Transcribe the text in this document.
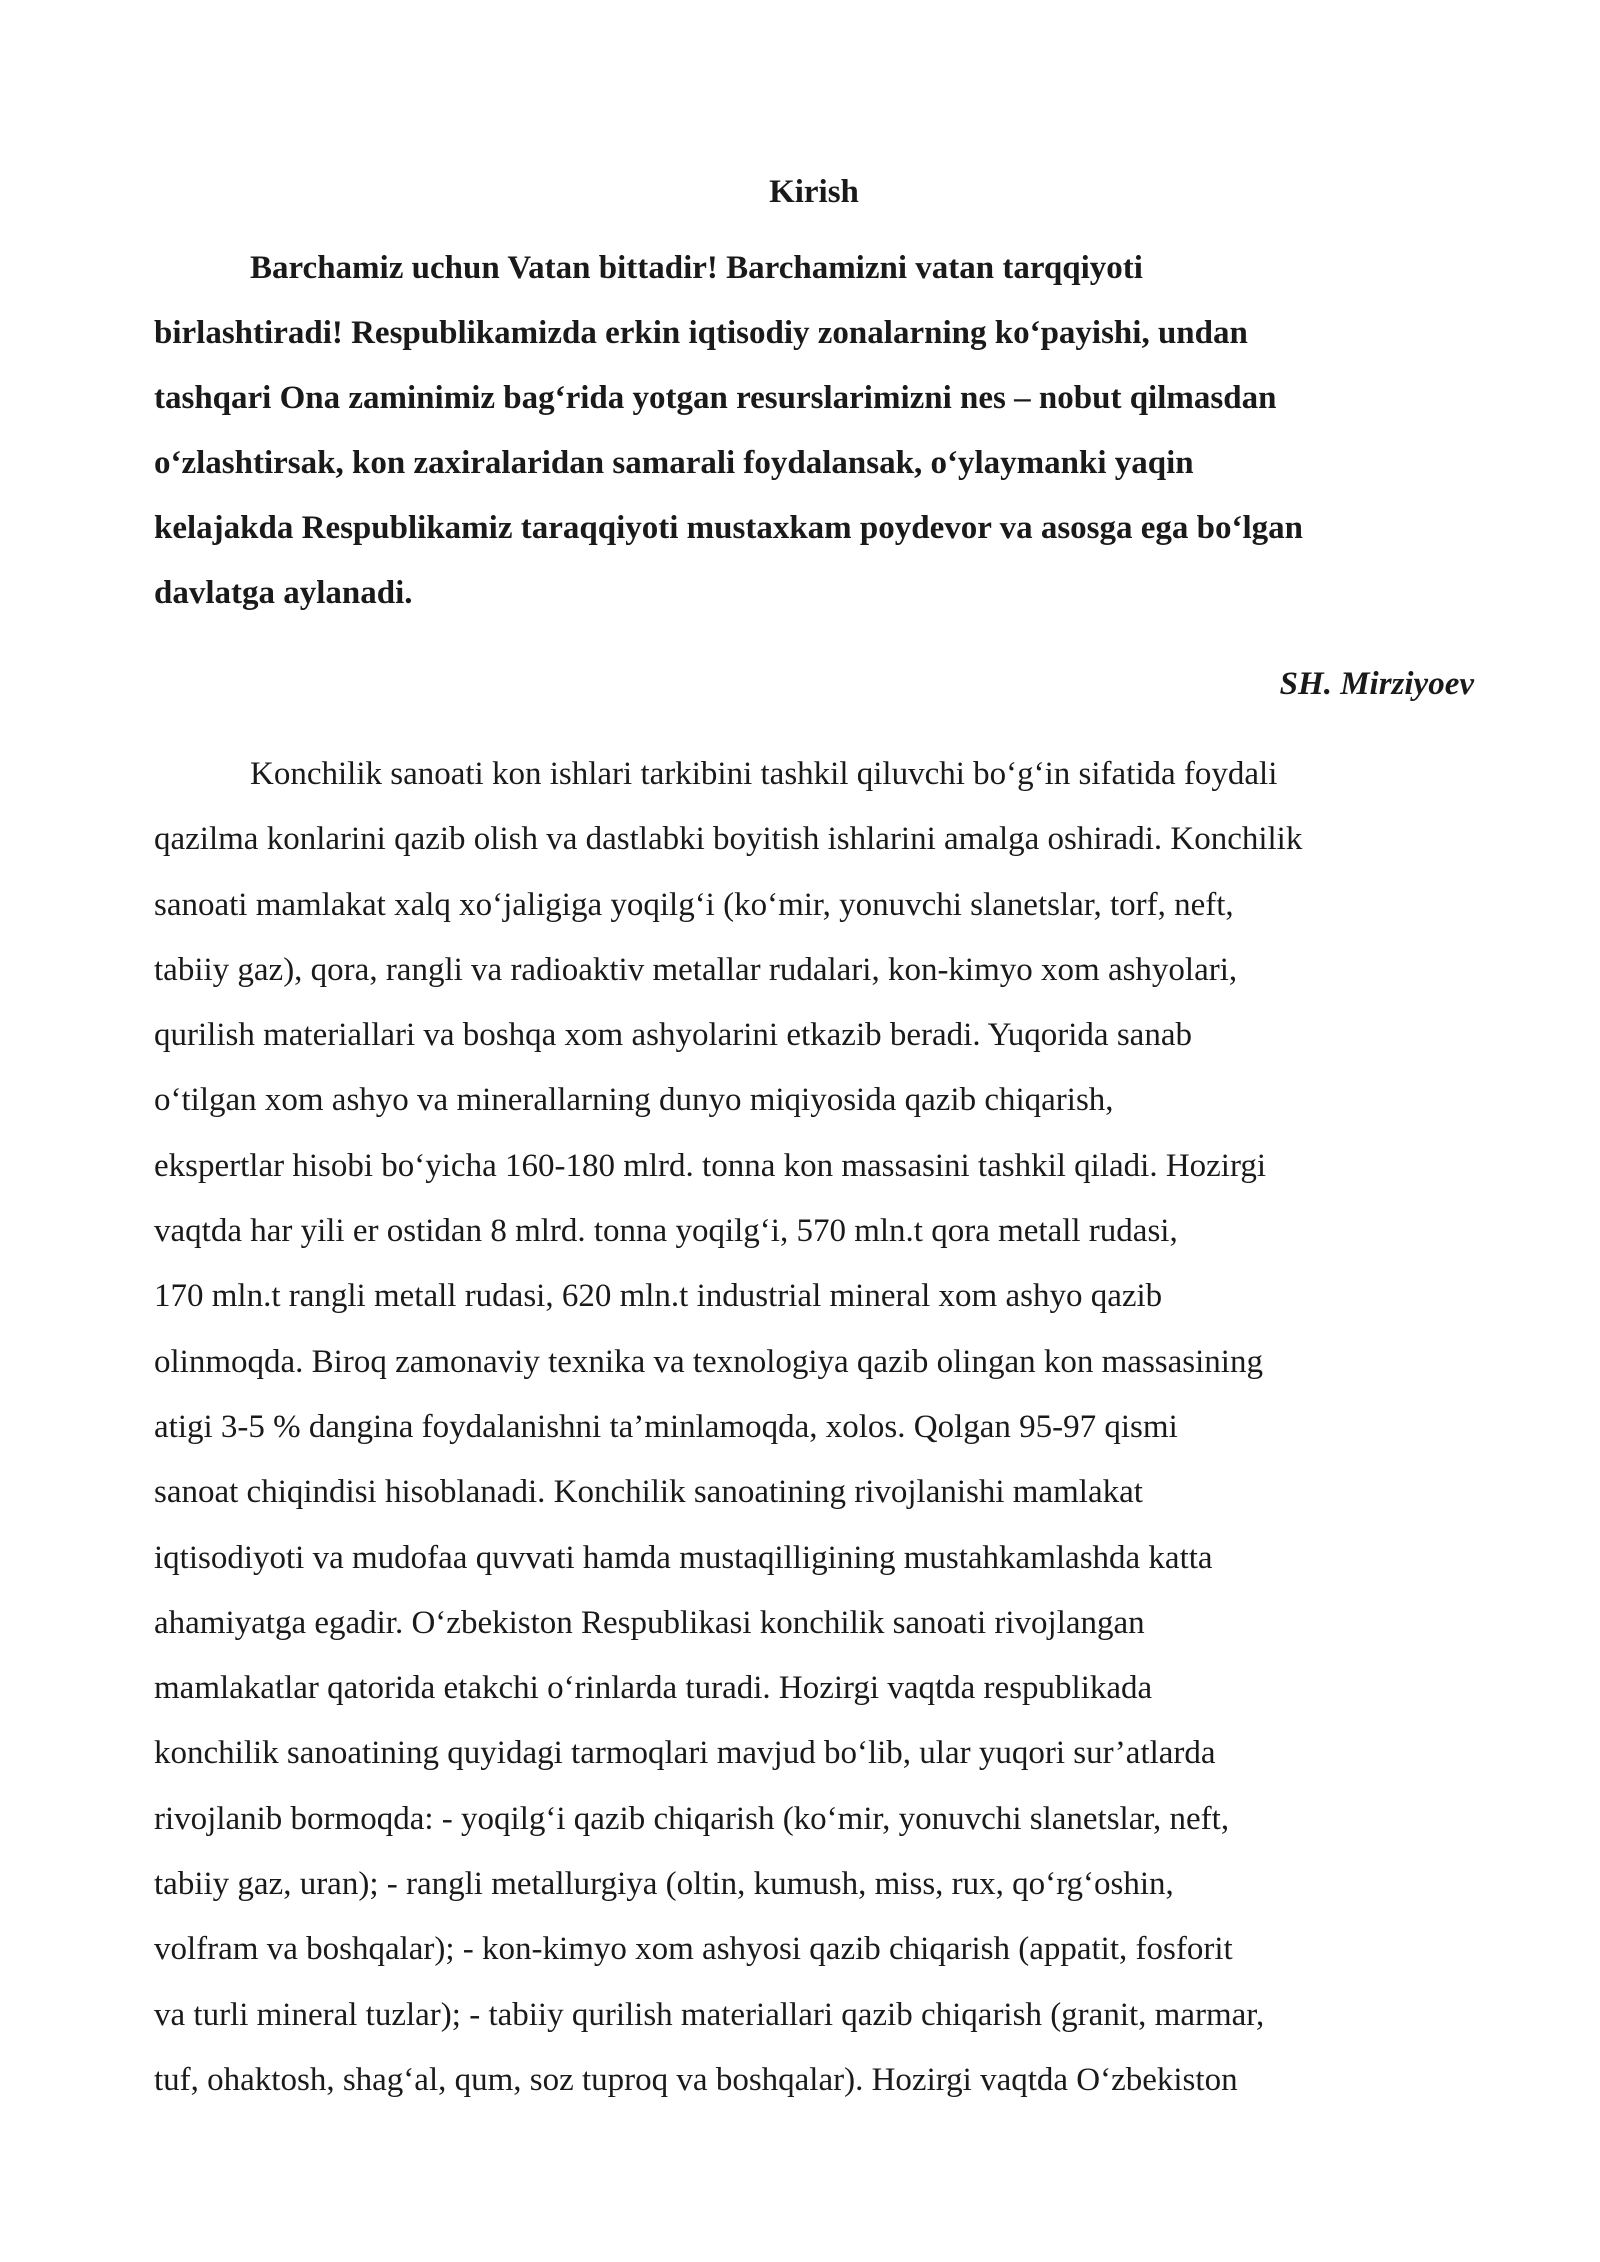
Kirish
Barchamiz uchun Vatan bittadir! Barchamizni vatan tarqqiyoti
birlashtiradi! Respublikamizda erkin iqtisodiy zonalarning ko‘payishi, undan
tashqari Ona zaminimiz bag‘rida yotgan resurslarimizni nes – nobut qilmasdan
o‘zlashtirsak, kon zaxiralaridan samarali foydalansak, o‘ylaymanki yaqin
kelajakda Respublikamiz taraqqiyoti mustaxkam poydevor va asosga ega bo‘lgan
davlatga aylanadi.
SH. Mirziyoev
Konchilik sanoati kon ishlari tarkibini tashkil qiluvchi bo‘g‘in sifatida foydali
qazilma konlarini qazib olish va dastlabki boyitish ishlarini amalga oshiradi. Konchilik
sanoati mamlakat xalq xo‘jaligiga yoqilg‘i (ko‘mir, yonuvchi slanetslar, torf, neft,
tabiiy gaz), qora, rangli va radioaktiv metallar rudalari, kon-kimyo xom ashyolari,
qurilish materiallari va boshqa xom ashyolarini etkazib beradi. Yuqorida sanab
o‘tilgan xom ashyo va minerallarning dunyo miqiyosida qazib chiqarish,
ekspertlar hisobi bo‘yicha 160-180 mlrd. tonna kon massasini tashkil qiladi. Hozirgi
vaqtda har yili er ostidan 8 mlrd. tonna yoqilg‘i, 570 mln.t qora metall rudasi,
170 mln.t rangli metall rudasi, 620 mln.t industrial mineral xom ashyo qazib
olinmoqda. Biroq zamonaviy texnika va texnologiya qazib olingan kon massasining
atigi 3-5 % dangina foydalanishni ta’minlamoqda, xolos. Qolgan 95-97 qismi
sanoat chiqindisi hisoblanadi. Konchilik sanoatining rivojlanishi mamlakat
iqtisodiyoti va mudofaa quvvati hamda mustaqilligining mustahkamlashda katta
ahamiyatga egadir. O‘zbekiston Respublikasi konchilik sanoati rivojlangan
mamlakatlar qatorida etakchi o‘rinlarda turadi. Hozirgi vaqtda respublikada
konchilik sanoatining quyidagi tarmoqlari mavjud bo‘lib, ular yuqori sur’atlarda
rivojlanib bormoqda: - yoqilg‘i qazib chiqarish (ko‘mir, yonuvchi slanetslar, neft,
tabiiy gaz, uran); - rangli metallurgiya (oltin, kumush, miss, rux, qo‘rg‘oshin,
volfram va boshqalar); - kon-kimyo xom ashyosi qazib chiqarish (appatit, fosforit
va turli mineral tuzlar); - tabiiy qurilish materiallari qazib chiqarish (granit, marmar,
tuf, ohaktosh, shag‘al, qum, soz tuproq va boshqalar). Hozirgi vaqtda O‘zbekiston
